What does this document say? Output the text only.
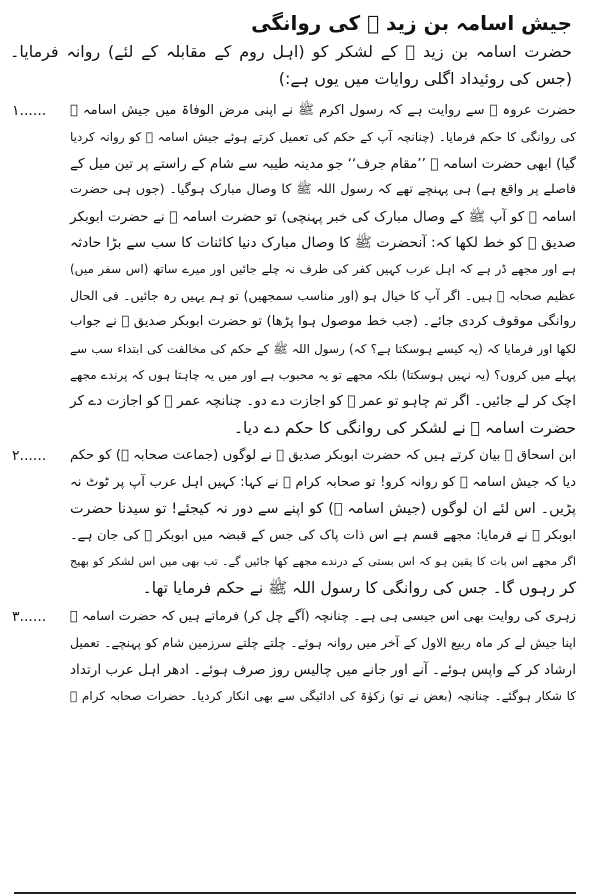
جیش اسامہ بن زید ﷜ کی روانگی
حضرت اسامہ بن زید ﷜ کے لشکر کو (اہل روم کے مقابلہ کے لئے) روانہ فرمایا۔ (جس کی روئیداد اگلی روایات میں یوں ہے:)
۱...... حضرت عروہ ﷫ سے روایت ہے کہ رسول اکرم ﷺ نے اپنی مرض الوفاۃ میں جیش اسامہ ﷜
کی روانگی کا حکم فرمایا۔ (چنانچہ آپ کے حکم کی تعمیل کرتے ہوئے جیش اسامہ ﷜ کو روانہ کردیا
گیا) ابھی حضرت اسامہ ﷜ ’’مقام جرف‘‘ جو مدینہ طیبہ سے شام کے راستے پر تین میل کے
فاصلے پر واقع ہے) ہی پہنچے تھے کہ رسول اللہ ﷺ کا وصال مبارک ہوگیا۔ (جوں ہی حضرت
اسامہ ﷜ کو آپ ﷺ کے وصال مبارک کی خبر پہنچی) تو حضرت اسامہ ﷜ نے حضرت ابوبکر
صدیق ﷜ کو خط لکھا کہ: آنحضرت ﷺ کا وصال مبارک دنیا کائنات کا سب سے بڑا حادثہ
ہے اور مجھے ڈر ہے کہ اہل عرب کہیں کفر کی طرف نہ چلے جائیں اور میرے ساتھ (اس سفر میں)
عظیم صحابہ ﷢ ہیں۔ اگر آپ کا خیال ہو (اور مناسب سمجھیں) تو ہم یہیں رہ جائیں۔ فی الحال
روانگی موقوف کردی جائے۔ (جب خط موصول ہوا پڑھا) تو حضرت ابوبکر صدیق ﷜ نے جواب
لکھا اور فرمایا کہ (یہ کیسے ہوسکتا ہے؟ کہ) رسول اللہ ﷺ کے حکم کی مخالفت کی ابتداء سب سے
پہلے میں کروں؟ (یہ نہیں ہوسکتا) بلکہ مجھے تو یہ محبوب ہے اور میں یہ چاہتا ہوں کہ پرندے مجھے
اچک کر لے جائیں۔ اگر تم چاہو تو عمر ﷜ کو اجازت دے دو۔ چنانچہ عمر ﷜ کو اجازت دے کر
حضرت اسامہ ﷜ نے لشکر کی روانگی کا حکم دے دیا۔
۲...... ابن اسحاق ﷫ بیان کرتے ہیں کہ حضرت ابوبکر صدیق ﷜ نے لوگوں (جماعت صحابہ ﷢) کو حکم
دیا کہ جیش اسامہ ﷜ کو روانہ کرو! تو صحابہ کرام ﷢ نے کہا: کہیں اہل عرب آپ پر ٹوٹ نہ
پڑیں۔ اس لئے ان لوگوں (جیش اسامہ ﷜) کو اپنے سے دور نہ کیجئے! تو سیدنا حضرت
ابوبکر ﷜ نے فرمایا: مجھے قسم ہے اس ذات پاک کی جس کے قبضہ میں ابوبکر ﷜ کی جان ہے۔
اگر مجھے اس بات کا یقین ہو کہ اس بستی کے درندے مجھے کھا جائیں گے۔ تب بھی میں اس لشکر کو بھیج
کر رہوں گا۔ جس کی روانگی کا رسول اللہ ﷺ نے حکم فرمایا تھا۔
۳...... زہری کی روایت بھی اس جیسی ہی ہے۔ چنانچہ (آگے چل کر) فرماتے ہیں کہ حضرت اسامہ ﷜
اپنا جیش لے کر ماہ ربیع الاول کے آخر میں روانہ ہوئے۔ چلتے چلتے سرزمین شام کو پہنچے۔ تعمیل
ارشاد کر کے واپس ہوئے۔ آنے اور جانے میں چالیس روز صرف ہوئے۔ ادھر اہل عرب ارتداد
کا شکار ہوگئے۔ چنانچہ (بعض نے تو) زکوٰۃ کی ادائیگی سے بھی انکار کردیا۔ حضرات صحابہ کرام ﷢
